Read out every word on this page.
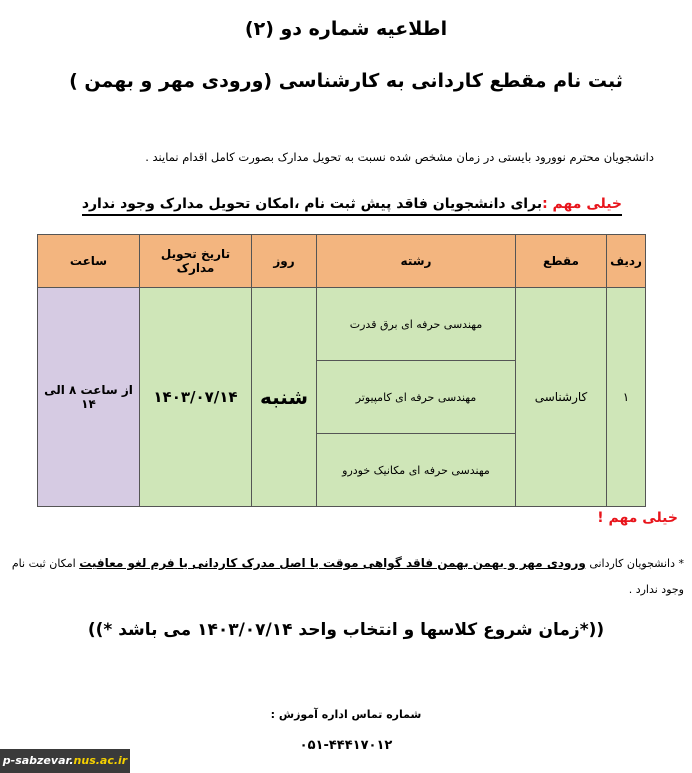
اطلاعیه شماره دو (۲)
ثبت نام مقطع کاردانی به کارشناسی (ورودی مهر و بهمن )
دانشجویان محترم نوورود بایستی در زمان مشخص شده نسبت به تحویل مدارک بصورت کامل اقدام نمایند .
خیلی مهم :برای دانشجویان فاقد پیش ثبت نام ،امکان تحویل مدارک وجود ندارد
ردیف	مقطع	رشته	روز	تاریخ تحویل مدارک	ساعت
۱	کارشناسی	مهندسی حرفه ای برق قدرت	شنبه	۱۴۰۳/۰۷/۱۴	از ساعت ۸ الی ۱۴
		مهندسی حرفه ای کامپیوتر			
		مهندسی حرفه ای مکانیک خودرو			
خیلی مهم !
* دانشجویان کاردانی ورودی مهر و بهمن بهمن فاقد گواهی موقت یا اصل مدرک کاردانی یا فرم لغو معافیت امکان ثبت نام وجود ندارد .
((*زمان شروع کلاسها و انتخاب واحد ۱۴۰۳/۰۷/۱۴ می باشد *))
شماره تماس اداره آموزش :
۰۵۱-۴۴۴۱۷۰۱۲
p-sabzevar.nus.ac.ir
